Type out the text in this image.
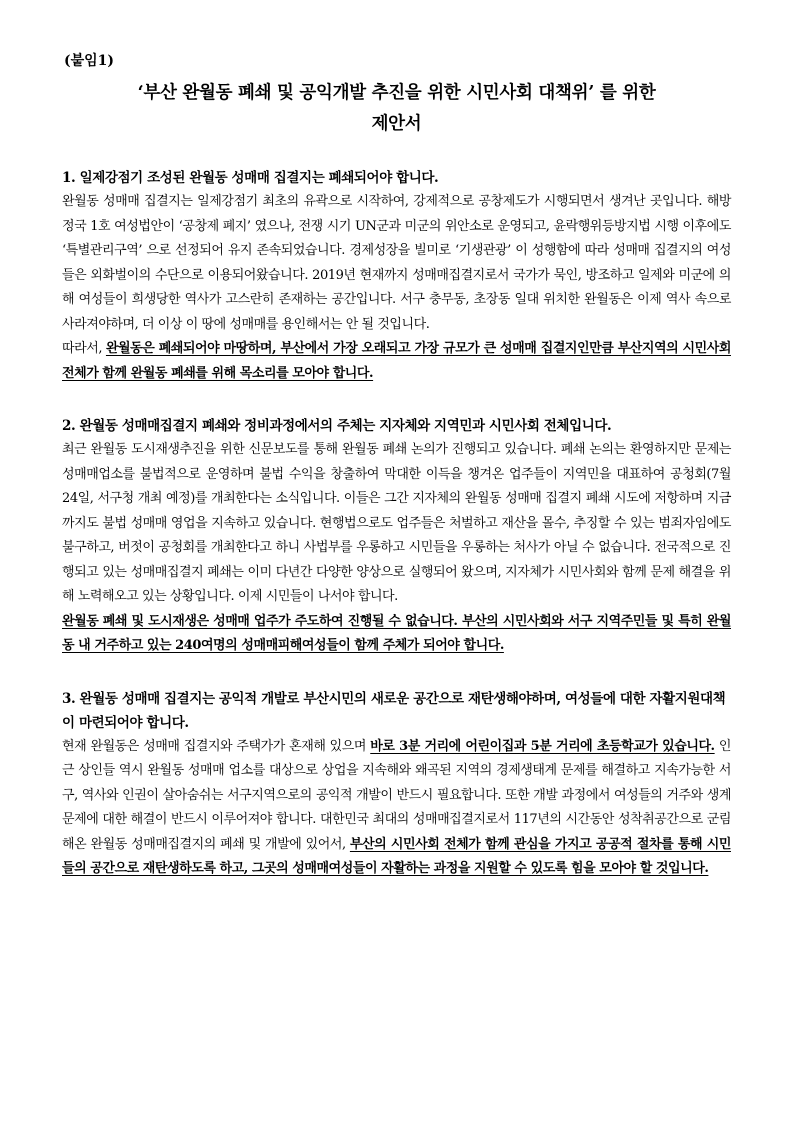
(붙임1)
‘부산 완월동 폐쇄 및 공익개발 추진을 위한 시민사회 대책위’ 를 위한
제안서
1. 일제강점기 조성된 완월동 성매매 집결지는 폐쇄되어야 합니다.

완월동 성매매 집결지는 일제강점기 최초의 유곽으로 시작하여, 강제적으로 공창제도가 시행되면서 생겨난 곳입니다. 해방 정국 1호 여성법안이 ‘공창제 폐지’ 였으나, 전쟁 시기 UN군과 미군의 위안소로 운영되고, 윤락행위등방지법 시행 이후에도 ‘특별관리구역’ 으로 선정되어 유지 존속되었습니다. 경제성장을 빌미로 ‘기생관광’ 이 성행함에 따라 성매매 집결지의 여성들은 외화벌이의 수단으로 이용되어왔습니다. 2019년 현재까지 성매매집결지로서 국가가 묵인, 방조하고 일제와 미군에 의해 여성들이 희생당한 역사가 고스란히 존재하는 공간입니다. 서구 충무동, 초장동 일대 위치한 완월동은 이제 역사 속으로 사라져야하며, 더 이상 이 땅에 성매매를 용인해서는 안 될 것입니다.

따라서, 완월동은 폐쇄되어야 마땅하며, 부산에서 가장 오래되고 가장 규모가 큰 성매매 집결지인만큼 부산지역의 시민사회 전체가 함께 완월동 폐쇄를 위해 목소리를 모아야 합니다.

2. 완월동 성매매집결지 폐쇄와 정비과정에서의 주체는 지자체와 지역민과 시민사회 전체입니다.

최근 완월동 도시재생추진을 위한 신문보도를 통해 완월동 폐쇄 논의가 진행되고 있습니다. 폐쇄 논의는 환영하지만 문제는 성매매업소를 불법적으로 운영하며 불법 수익을 창출하여 막대한 이득을 챙겨온 업주들이 지역민을 대표하여 공청회(7월 24일, 서구청 개최 예정)를 개최한다는 소식입니다. 이들은 그간 지자체의 완월동 성매매 집결지 폐쇄 시도에 저항하며 지금까지도 불법 성매매 영업을 지속하고 있습니다. 현행법으로도 업주들은 처벌하고 재산을 몰수, 추징할 수 있는 범죄자임에도 불구하고, 버젓이 공청회를 개최한다고 하니 사법부를 우롱하고 시민들을 우롱하는 처사가 아닐 수 없습니다. 전국적으로 진행되고 있는 성매매집결지 폐쇄는 이미 다년간 다양한 양상으로 실행되어 왔으며, 지자체가 시민사회와 함께 문제 해결을 위해 노력해오고 있는 상황입니다. 이제 시민들이 나서야 합니다.

완월동 폐쇄 및 도시재생은 성매매 업주가 주도하여 진행될 수 없습니다. 부산의 시민사회와 서구 지역주민들 및 특히 완월동 내 거주하고 있는 240여명의 성매매피해여성들이 함께 주체가 되어야 합니다.

3. 완월동 성매매 집결지는 공익적 개발로 부산시민의 새로운 공간으로 재탄생해야하며, 여성들에 대한 자활지원대책이 마련되어야 합니다.

현재 완월동은 성매매 집결지와 주택가가 혼재해 있으며 바로 3분 거리에 어린이집과 5분 거리에 초등학교가 있습니다. 인근 상인들 역시 완월동 성매매 업소를 대상으로 상업을 지속해와 왜곡된 지역의 경제생태계 문제를 해결하고 지속가능한 서구, 역사와 인권이 살아숨쉬는 서구지역으로의 공익적 개발이 반드시 필요합니다. 또한 개발 과정에서 여성들의 거주와 생계 문제에 대한 해결이 반드시 이루어져야 합니다. 대한민국 최대의 성매매집결지로서 117년의 시간동안 성착취공간으로 군림해온 완월동 성매매집결지의 폐쇄 및 개발에 있어서, 부산의 시민사회 전체가 함께 관심을 가지고 공공적 절차를 통해 시민들의 공간으로 재탄생하도록 하고, 그곳의 성매매여성들이 자활하는 과정을 지원할 수 있도록 힘을 모아야 할 것입니다.
